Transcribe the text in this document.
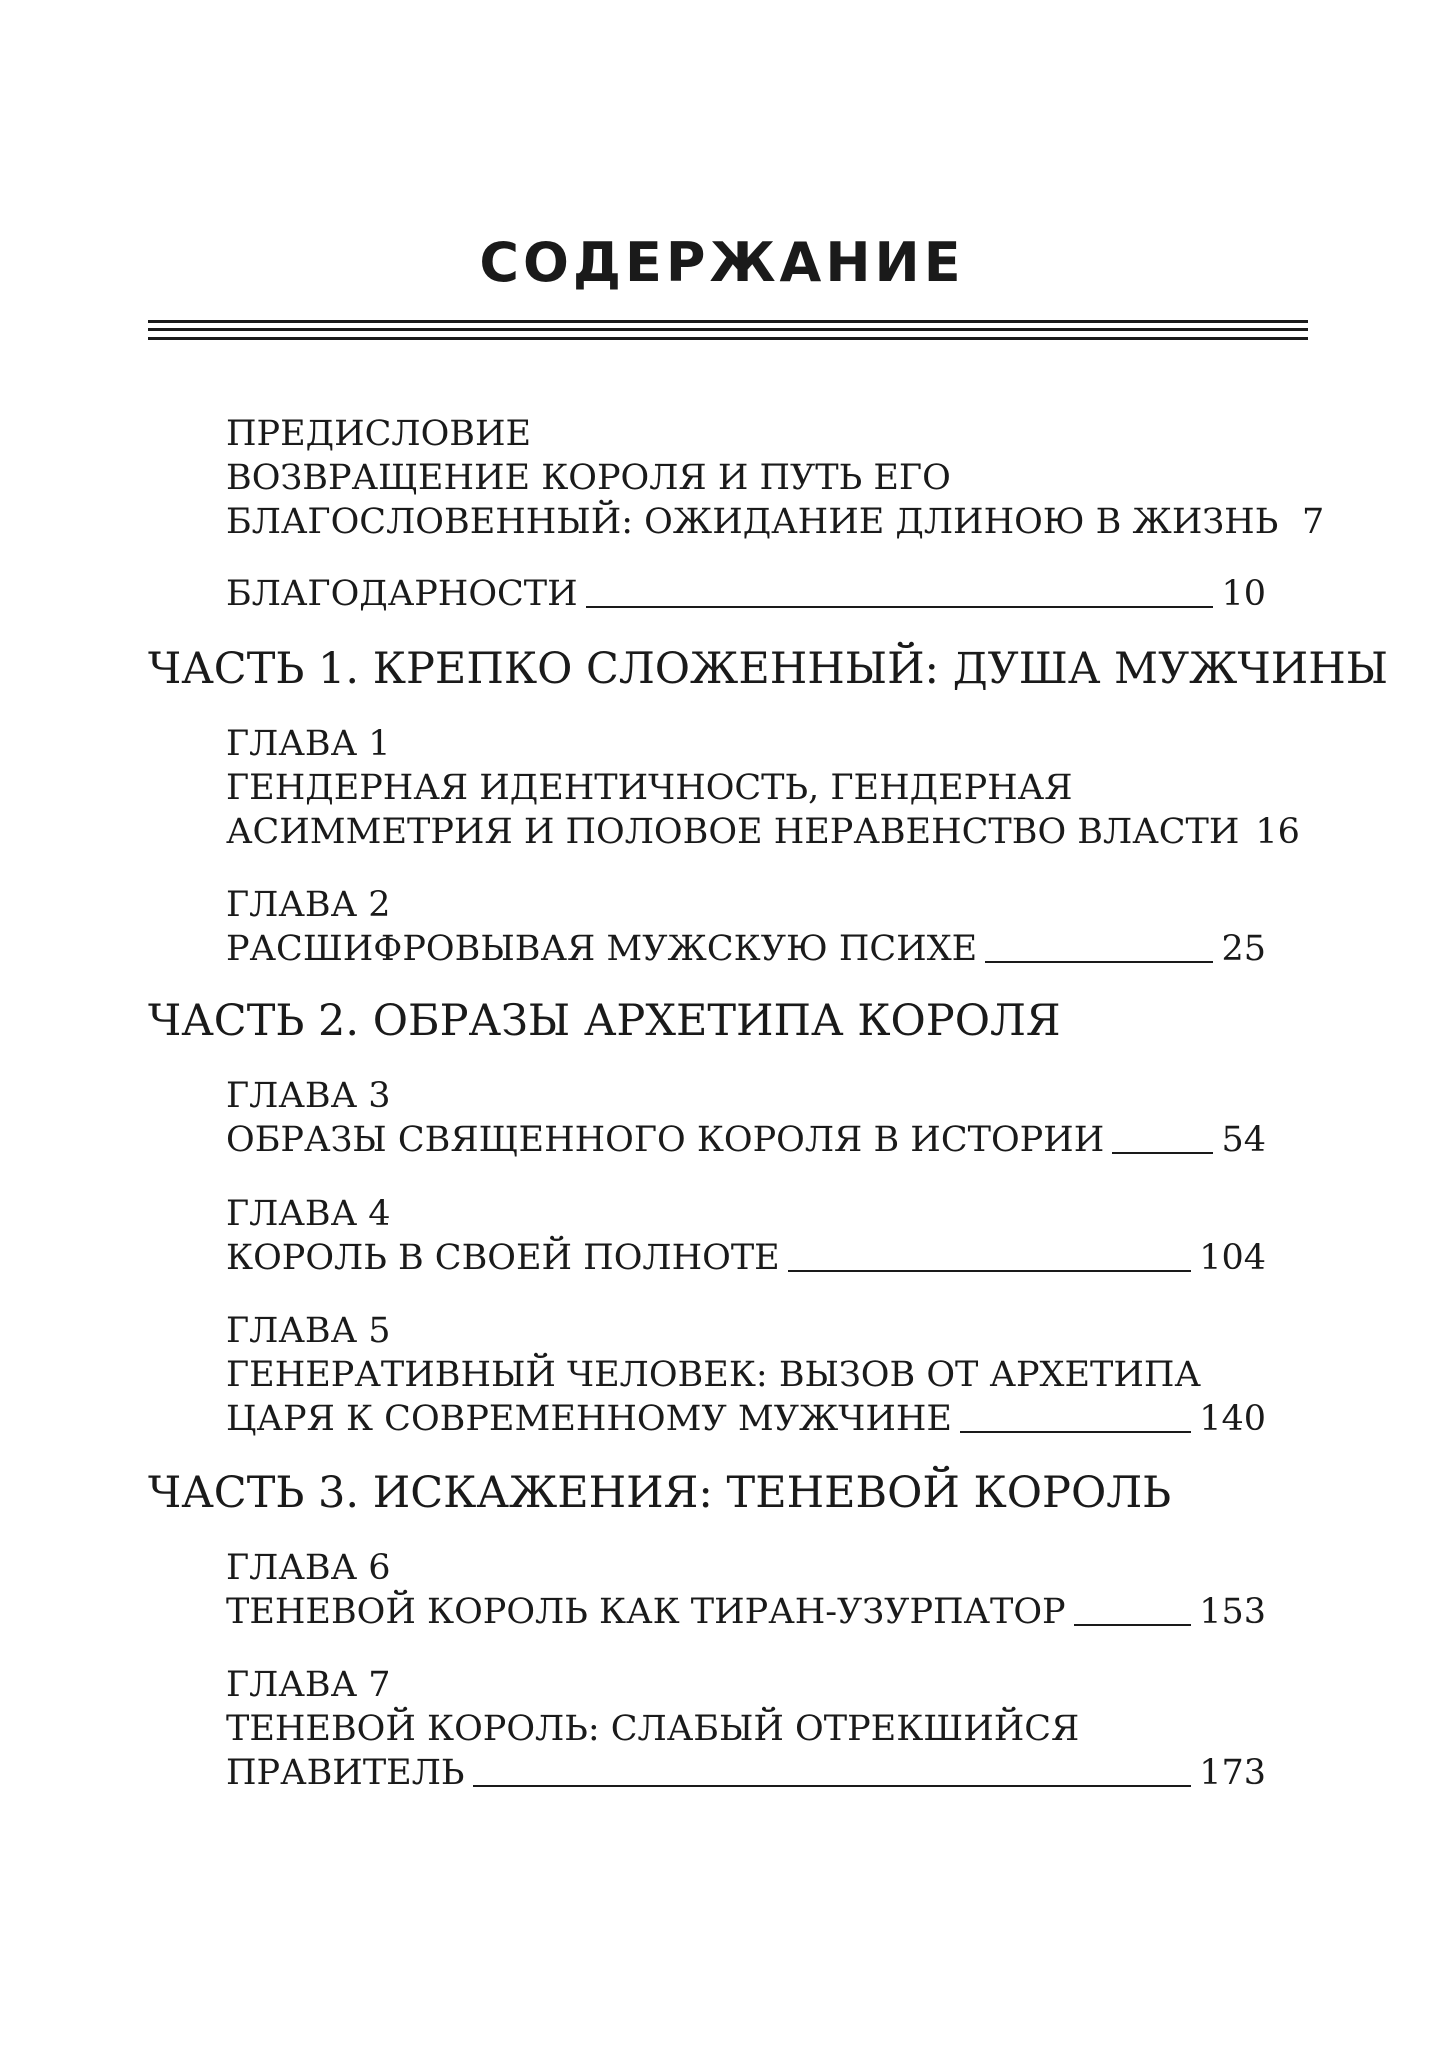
СОДЕРЖАНИЕ
ПРЕДИСЛОВИЕ
ВОЗВРАЩЕНИЕ КОРОЛЯ И ПУТЬ ЕГО
БЛАГОСЛОВЕННЫЙ: ОЖИДАНИЕ ДЛИНОЮ В ЖИЗНЬ 7
БЛАГОДАРНОСТИ	10
ЧАСТЬ 1. КРЕПКО СЛОЖЕННЫЙ: ДУША МУЖЧИНЫ
ГЛАВА 1
ГЕНДЕРНАЯ ИДЕНТИЧНОСТЬ, ГЕНДЕРНАЯ
АСИММЕТРИЯ И ПОЛОВОЕ НЕРАВЕНСТВО ВЛАСТИ 16
ГЛАВА 2
РАСШИФРОВЫВАЯ МУЖСКУЮ ПСИХЕ	25
ЧАСТЬ 2. ОБРАЗЫ АРХЕТИПА КОРОЛЯ
ГЛАВА 3
ОБРАЗЫ СВЯЩЕННОГО КОРОЛЯ В ИСТОРИИ	54
ГЛАВА 4
КОРОЛЬ В СВОЕЙ ПОЛНОТЕ	104
ГЛАВА 5
ГЕНЕРАТИВНЫЙ ЧЕЛОВЕК: ВЫЗОВ ОТ АРХЕТИПА
ЦАРЯ К СОВРЕМЕННОМУ МУЖЧИНЕ	140
ЧАСТЬ 3. ИСКАЖЕНИЯ: ТЕНЕВОЙ КОРОЛЬ
ГЛАВА 6
ТЕНЕВОЙ КОРОЛЬ КАК ТИРАН-УЗУРПАТОР	153
ГЛАВА 7
ТЕНЕВОЙ КОРОЛЬ: СЛАБЫЙ ОТРЕКШИЙСЯ
ПРАВИТЕЛЬ	173
